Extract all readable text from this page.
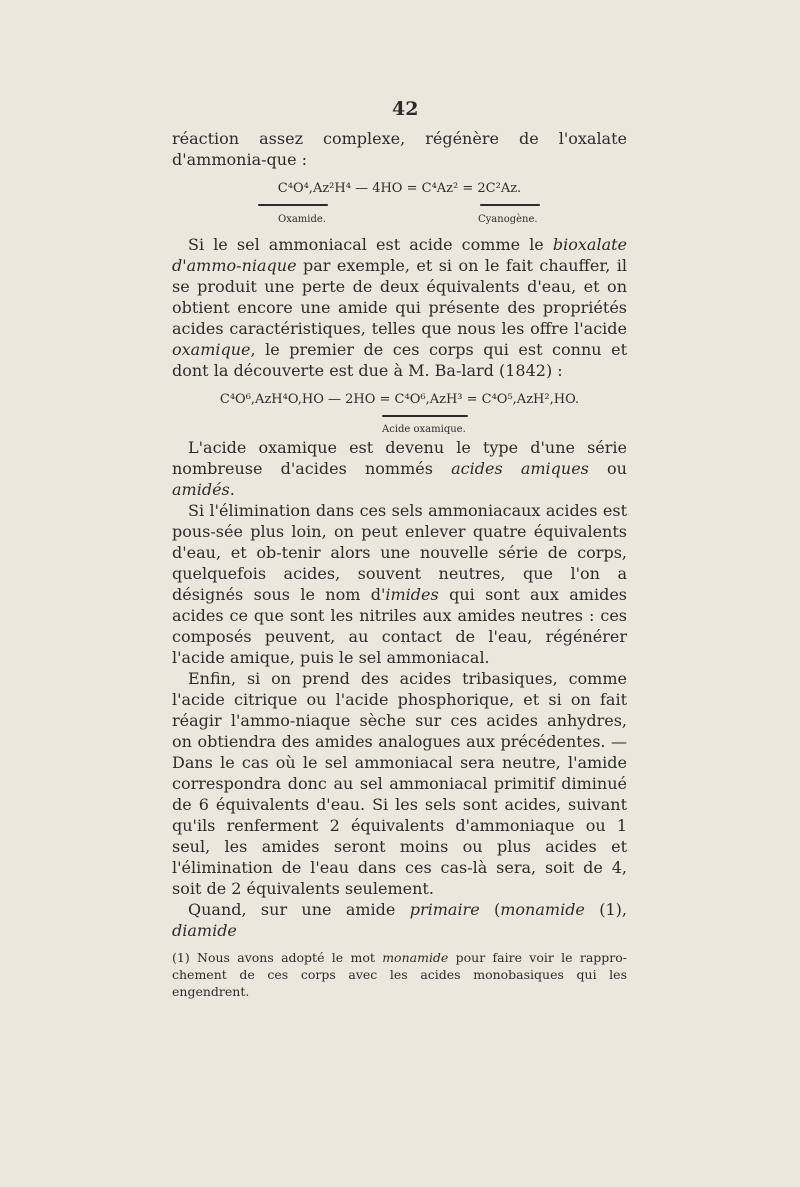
42

réaction assez complexe, régénère de l'oxalate d'ammonia-que :

C⁴O⁴,Az²H⁴ — 4HO = C⁴Az² = 2C²Az.
Oxamide.	Cyanogène.

Si le sel ammoniacal est acide comme le bioxalate d'ammo-niaque par exemple, et si on le fait chauffer, il se produit une perte de deux équivalents d'eau, et on obtient encore une amide qui présente des propriétés acides caractéristiques, telles que nous les offre l'acide oxamique, le premier de ces corps qui est connu et dont la découverte est due à M. Ba-lard (1842) :

C⁴O⁶,AzH⁴O,HO — 2HO = C⁴O⁶,AzH³ = C⁴O⁵,AzH²,HO.
Acide oxamique.

L'acide oxamique est devenu le type d'une série nombreuse d'acides nommés acides amiques ou amidés.

Si l'élimination dans ces sels ammoniacaux acides est pous-sée plus loin, on peut enlever quatre équivalents d'eau, et ob-tenir alors une nouvelle série de corps, quelquefois acides, souvent neutres, que l'on a désignés sous le nom d'imides qui sont aux amides acides ce que sont les nitriles aux amides neutres : ces composés peuvent, au contact de l'eau, régénérer l'acide amique, puis le sel ammoniacal.

Enfin, si on prend des acides tribasiques, comme l'acide citrique ou l'acide phosphorique, et si on fait réagir l'ammo-niaque sèche sur ces acides anhydres, on obtiendra des amides analogues aux précédentes. —Dans le cas où le sel ammoniacal sera neutre, l'amide correspondra donc au sel ammoniacal primitif diminué de 6 équivalents d'eau. Si les sels sont acides, suivant qu'ils renferment 2 équivalents d'ammoniaque ou 1 seul, les amides seront moins ou plus acides et l'élimination de l'eau dans ces cas-là sera, soit de 4, soit de 2 équivalents seulement.

Quand, sur une amide primaire (monamide (1), diamide

(1) Nous avons adopté le mot monamide pour faire voir le rappro-chement de ces corps avec les acides monobasiques qui les engendrent.
